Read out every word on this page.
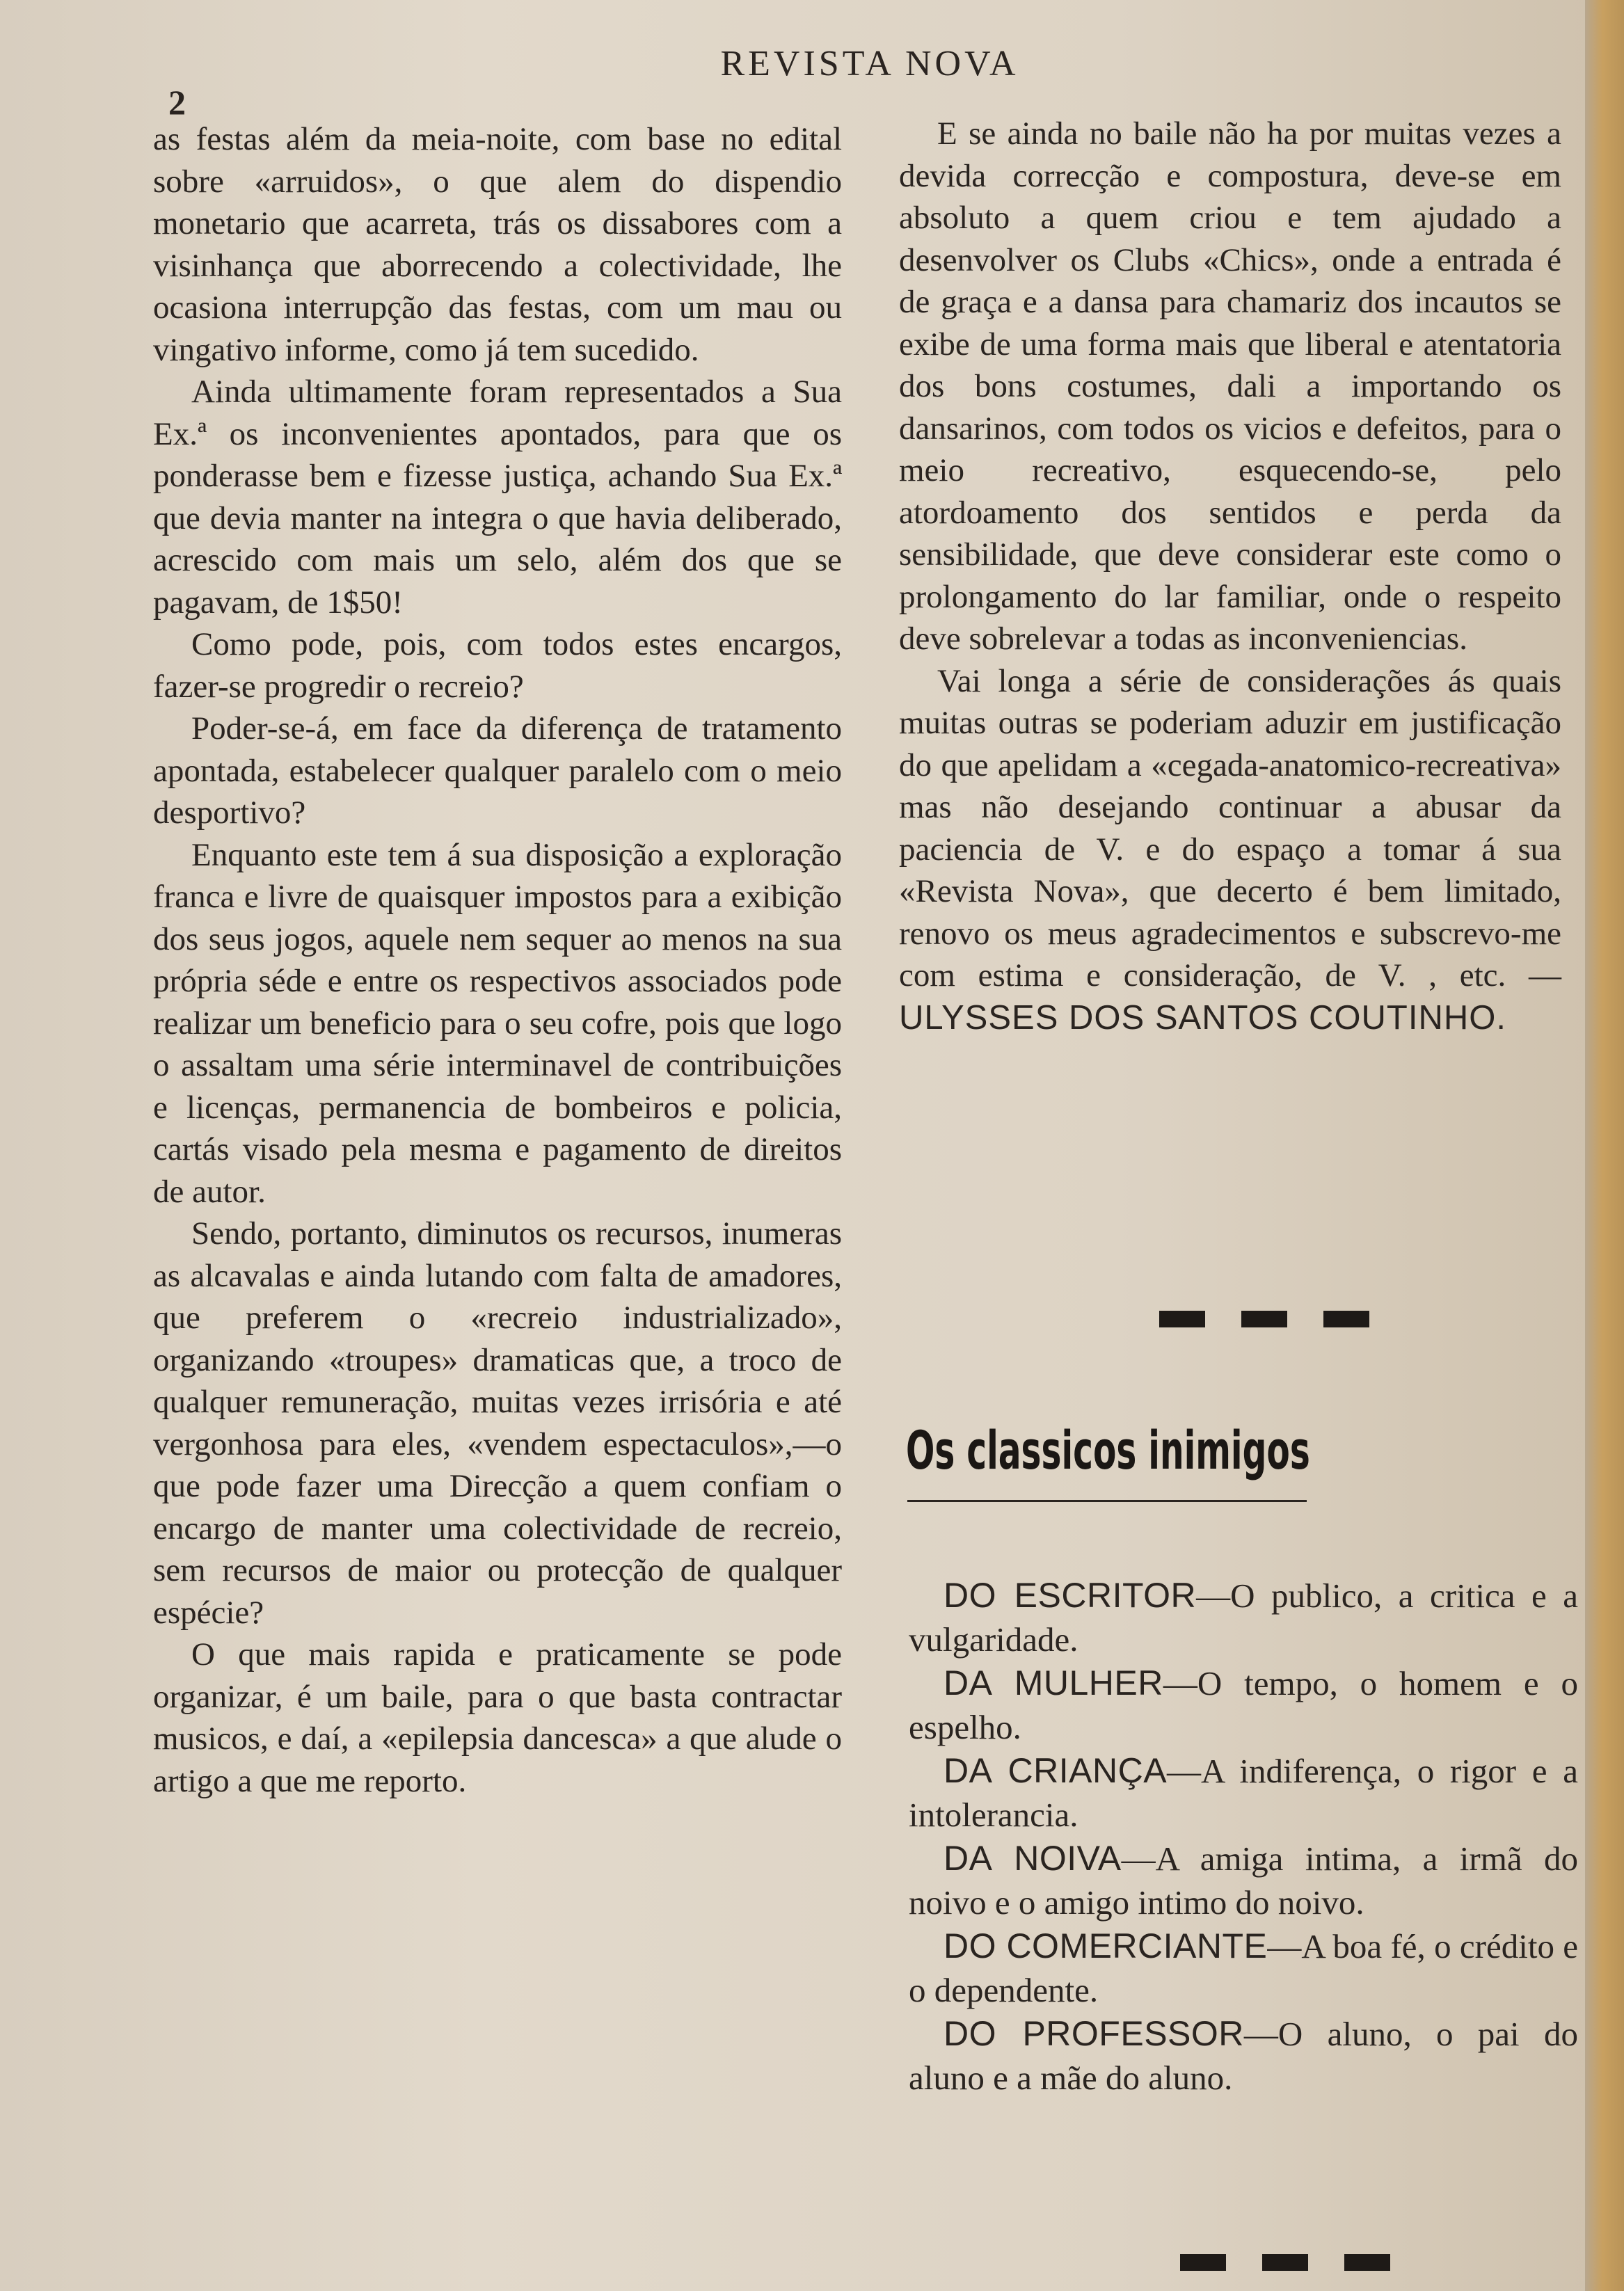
2
REVISTA NOVA

as festas além da meia-noite, com base no edital sobre «arruidos», o que alem do dispendio monetario que acarreta, trás os dissabores com a visinhança que aborrecendo a colectividade, lhe ocasiona interrupção das festas, com um mau ou vingativo informe, como já tem sucedido.

Ainda ultimamente foram representados a Sua Ex.ª os inconvenientes apontados, para que os ponderasse bem e fizesse justiça, achando Sua Ex.ª que devia manter na integra o que havia deliberado, acrescido com mais um selo, além dos que se pagavam, de 1$50!

Como pode, pois, com todos estes encargos, fazer-se progredir o recreio?

Poder-se-á, em face da diferença de tratamento apontada, estabelecer qualquer paralelo com o meio desportivo?

Enquanto este tem á sua disposição a exploração franca e livre de quaisquer impostos para a exibição dos seus jogos, aquele nem sequer ao menos na sua própria séde e entre os respectivos associados pode realizar um beneficio para o seu cofre, pois que logo o assaltam uma série interminavel de contribuições e licenças, permanencia de bombeiros e policia, cartás visado pela mesma e pagamento de direitos de autor.

Sendo, portanto, diminutos os recursos, inumeras as alcavalas e ainda lutando com falta de amadores, que preferem o «recreio industrializado», organizando «troupes» dramaticas que, a troco de qualquer remuneração, muitas vezes irrisória e até vergonhosa para eles, «vendem espectaculos»,—o que pode fazer uma Direcção a quem confiam o encargo de manter uma colectividade de recreio, sem recursos de maior ou protecção de qualquer espécie?

O que mais rapida e praticamente se pode organizar, é um baile, para o que basta contractar musicos, e daí, a «epilepsia dancesca» a que alude o artigo a que me reporto.

E se ainda no baile não ha por muitas vezes a devida correcção e compostura, deve-se em absoluto a quem criou e tem ajudado a desenvolver os Clubs «Chics», onde a entrada é de graça e a dansa para chamariz dos incautos se exibe de uma forma mais que liberal e atentatoria dos bons costumes, dali a importando os dansarinos, com todos os vicios e defeitos, para o meio recreativo, esquecendo-se, pelo atordoamento dos sentidos e perda da sensibilidade, que deve considerar este como o prolongamento do lar familiar, onde o respeito deve sobrelevar a todas as inconveniencias.

Vai longa a série de considerações ás quais muitas outras se poderiam aduzir em justificação do que apelidam a «cegada-anatomico-recreativa» mas não desejando continuar a abusar da paciencia de V. e do espaço a tomar á sua «Revista Nova», que decerto é bem limitado, renovo os meus agradecimentos e subscrevo-me com estima e consideração, de V. , etc. —ULYSSES DOS SANTOS COUTINHO.

Os classicos inimigos

DO ESCRITOR—O publico, a critica e a vulgaridade.

DA MULHER—O tempo, o homem e o espelho.

DA CRIANÇA—A indiferença, o rigor e a intolerancia.

DA NOIVA—A amiga intima, a irmã do noivo e o amigo intimo do noivo.

DO COMERCIANTE—A boa fé, o crédito e o dependente.

DO PROFESSOR—O aluno, o pai do aluno e a mãe do aluno.
